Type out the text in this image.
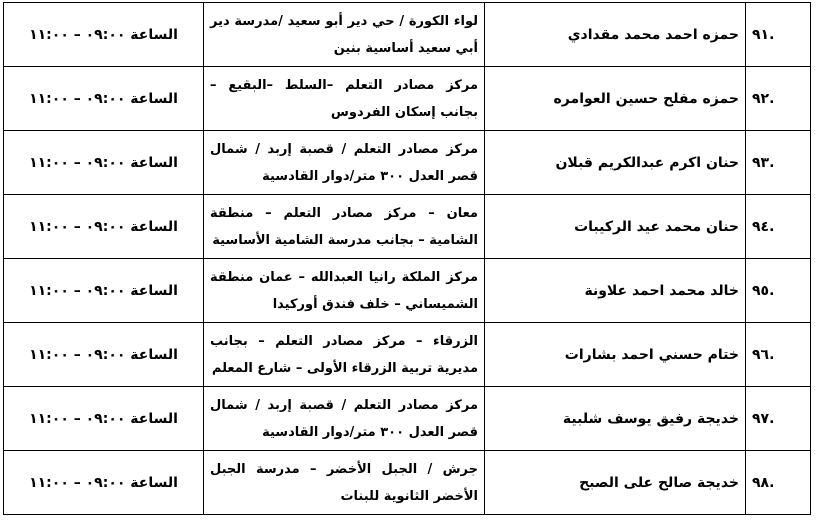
.٩١	حمزه احمد محمد مقدادي	لواء الكورة / حي دير أبو سعيد /مدرسة دير أبي سعيد أساسية بنين	الساعة ٠٩:٠٠ – ١١:٠٠
.٩٢	حمزه مفلح حسين العوامره	مركز مصادر التعلم –السلط –البقيع –بجانب إسكان الفردوس	الساعة ٠٩:٠٠ – ١١:٠٠
.٩٣	حنان اكرم عبدالكريم قبلان	مركز مصادر التعلم / قصبة إربد / شمال قصر العدل ٣٠٠ متر/دوار القادسية	الساعة ٠٩:٠٠ – ١١:٠٠
.٩٤	حنان محمد عيد الركيبات	معان – مركز مصادر التعلم – منطقة الشامية – بجانب مدرسة الشامية الأساسية	الساعة ٠٩:٠٠ – ١١:٠٠
.٩٥	خالد محمد احمد علاونة	مركز الملكة رانيا العبدالله – عمان منطقة الشميساني – خلف فندق أوركيدا	الساعة ٠٩:٠٠ – ١١:٠٠
.٩٦	ختام حسني احمد بشارات	الزرقاء – مركز مصادر التعلم – بجانب مديرية تربية الزرقاء الأولى – شارع المعلم	الساعة ٠٩:٠٠ – ١١:٠٠
.٩٧	خديجة رفيق يوسف شلبية	مركز مصادر التعلم / قصبة إربد / شمال قصر العدل ٣٠٠ متر/دوار القادسية	الساعة ٠٩:٠٠ – ١١:٠٠
.٩٨	خديجة صالح على الصبح	جرش / الجبل الأخضر – مدرسة الجبل الأخضر الثانوية للبنات	الساعة ٠٩:٠٠ – ١١:٠٠
